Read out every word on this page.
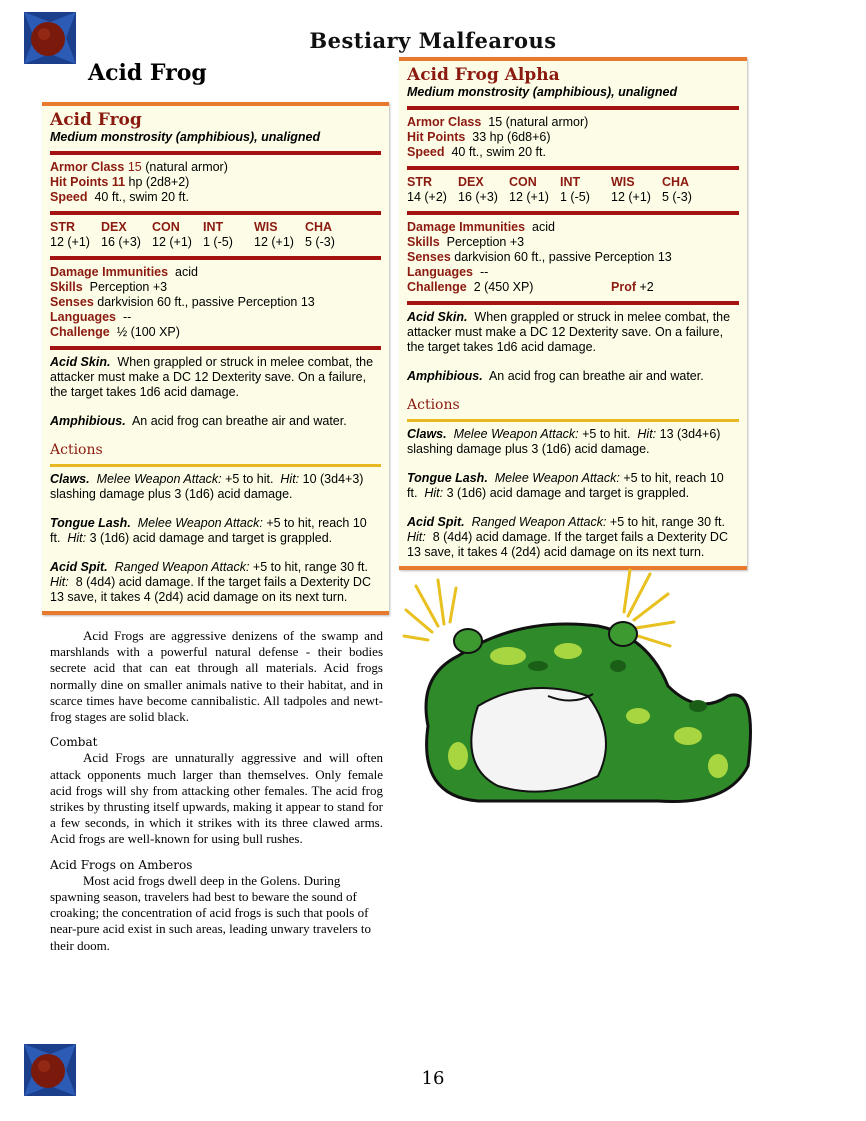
Bestiary Malfearous
Acid Frog
Acid Frog
Medium monstrosity (amphibious), unaligned
Armor Class 15 (natural armor)
Hit Points 11 hp (2d8+2)
Speed 40 ft., swim 20 ft.
STR	DEX	CON	INT	WIS	CHA
12 (+1) 16 (+3) 12 (+1) 1 (-5)	12 (+1) 5 (-3)
Damage Immunities acid
Skills Perception +3
Senses darkvision 60 ft., passive Perception 13
Languages --
Challenge ½ (100 XP)
Acid Skin. When grappled or struck in melee combat, the attacker must make a DC 12 Dexterity save. On a failure, the target takes 1d6 acid damage.
Amphibious. An acid frog can breathe air and water.
Actions
Claws. Melee Weapon Attack: +5 to hit. Hit: 10 (3d4+3) slashing damage plus 3 (1d6) acid damage.
Tongue Lash. Melee Weapon Attack: +5 to hit, reach 10 ft. Hit: 3 (1d6) acid damage and target is grappled.
Acid Spit. Ranged Weapon Attack: +5 to hit, range 30 ft.
Hit: 8 (4d4) acid damage. If the target fails a Dexterity DC 13 save, it takes 4 (2d4) acid damage on its next turn.
Acid Frog Alpha
Medium monstrosity (amphibious), unaligned
Armor Class 15 (natural armor)
Hit Points 33 hp (6d8+6)
Speed 40 ft., swim 20 ft.
STR	DEX	CON	INT	WIS	CHA
14 (+2) 16 (+3) 12 (+1) 1 (-5)	12 (+1) 5 (-3)
Damage Immunities acid
Skills Perception +3
Senses darkvision 60 ft., passive Perception 13
Languages --
Challenge 2 (450 XP)	Prof +2
Acid Skin. When grappled or struck in melee combat, the attacker must make a DC 12 Dexterity save. On a failure, the target takes 1d6 acid damage.
Amphibious. An acid frog can breathe air and water.
Actions
Claws. Melee Weapon Attack: +5 to hit. Hit: 13 (3d4+6) slashing damage plus 3 (1d6) acid damage.
Tongue Lash. Melee Weapon Attack: +5 to hit, reach 10 ft. Hit: 3 (1d6) acid damage and target is grappled.
Acid Spit. Ranged Weapon Attack: +5 to hit, range 30 ft.
Hit: 8 (4d4) acid damage. If the target fails a Dexterity DC 13 save, it takes 4 (2d4) acid damage on its next turn.

Acid Frogs are aggressive denizens of the swamp and marshlands with a powerful natural defense - their bodies secrete acid that can eat through all materials. Acid frogs normally dine on smaller animals native to their habitat, and in scarce times have become cannibalistic. All tadpoles and newt-frog stages are solid black.

Combat

Acid Frogs are unnaturally aggressive and will often attack opponents much larger than themselves. Only female acid frogs will shy from attacking other females. The acid frog strikes by thrusting itself upwards, making it appear to stand for a few seconds, in which it strikes with its three clawed arms. Acid frogs are well-known for using bull rushes.

Acid Frogs on Amberos

Most acid frogs dwell deep in the Golens. During spawning season, travelers had best to beware the sound of croaking; the concentration of acid frogs is such that pools of near-pure acid exist in such areas, leading unwary travelers to their doom.

16
